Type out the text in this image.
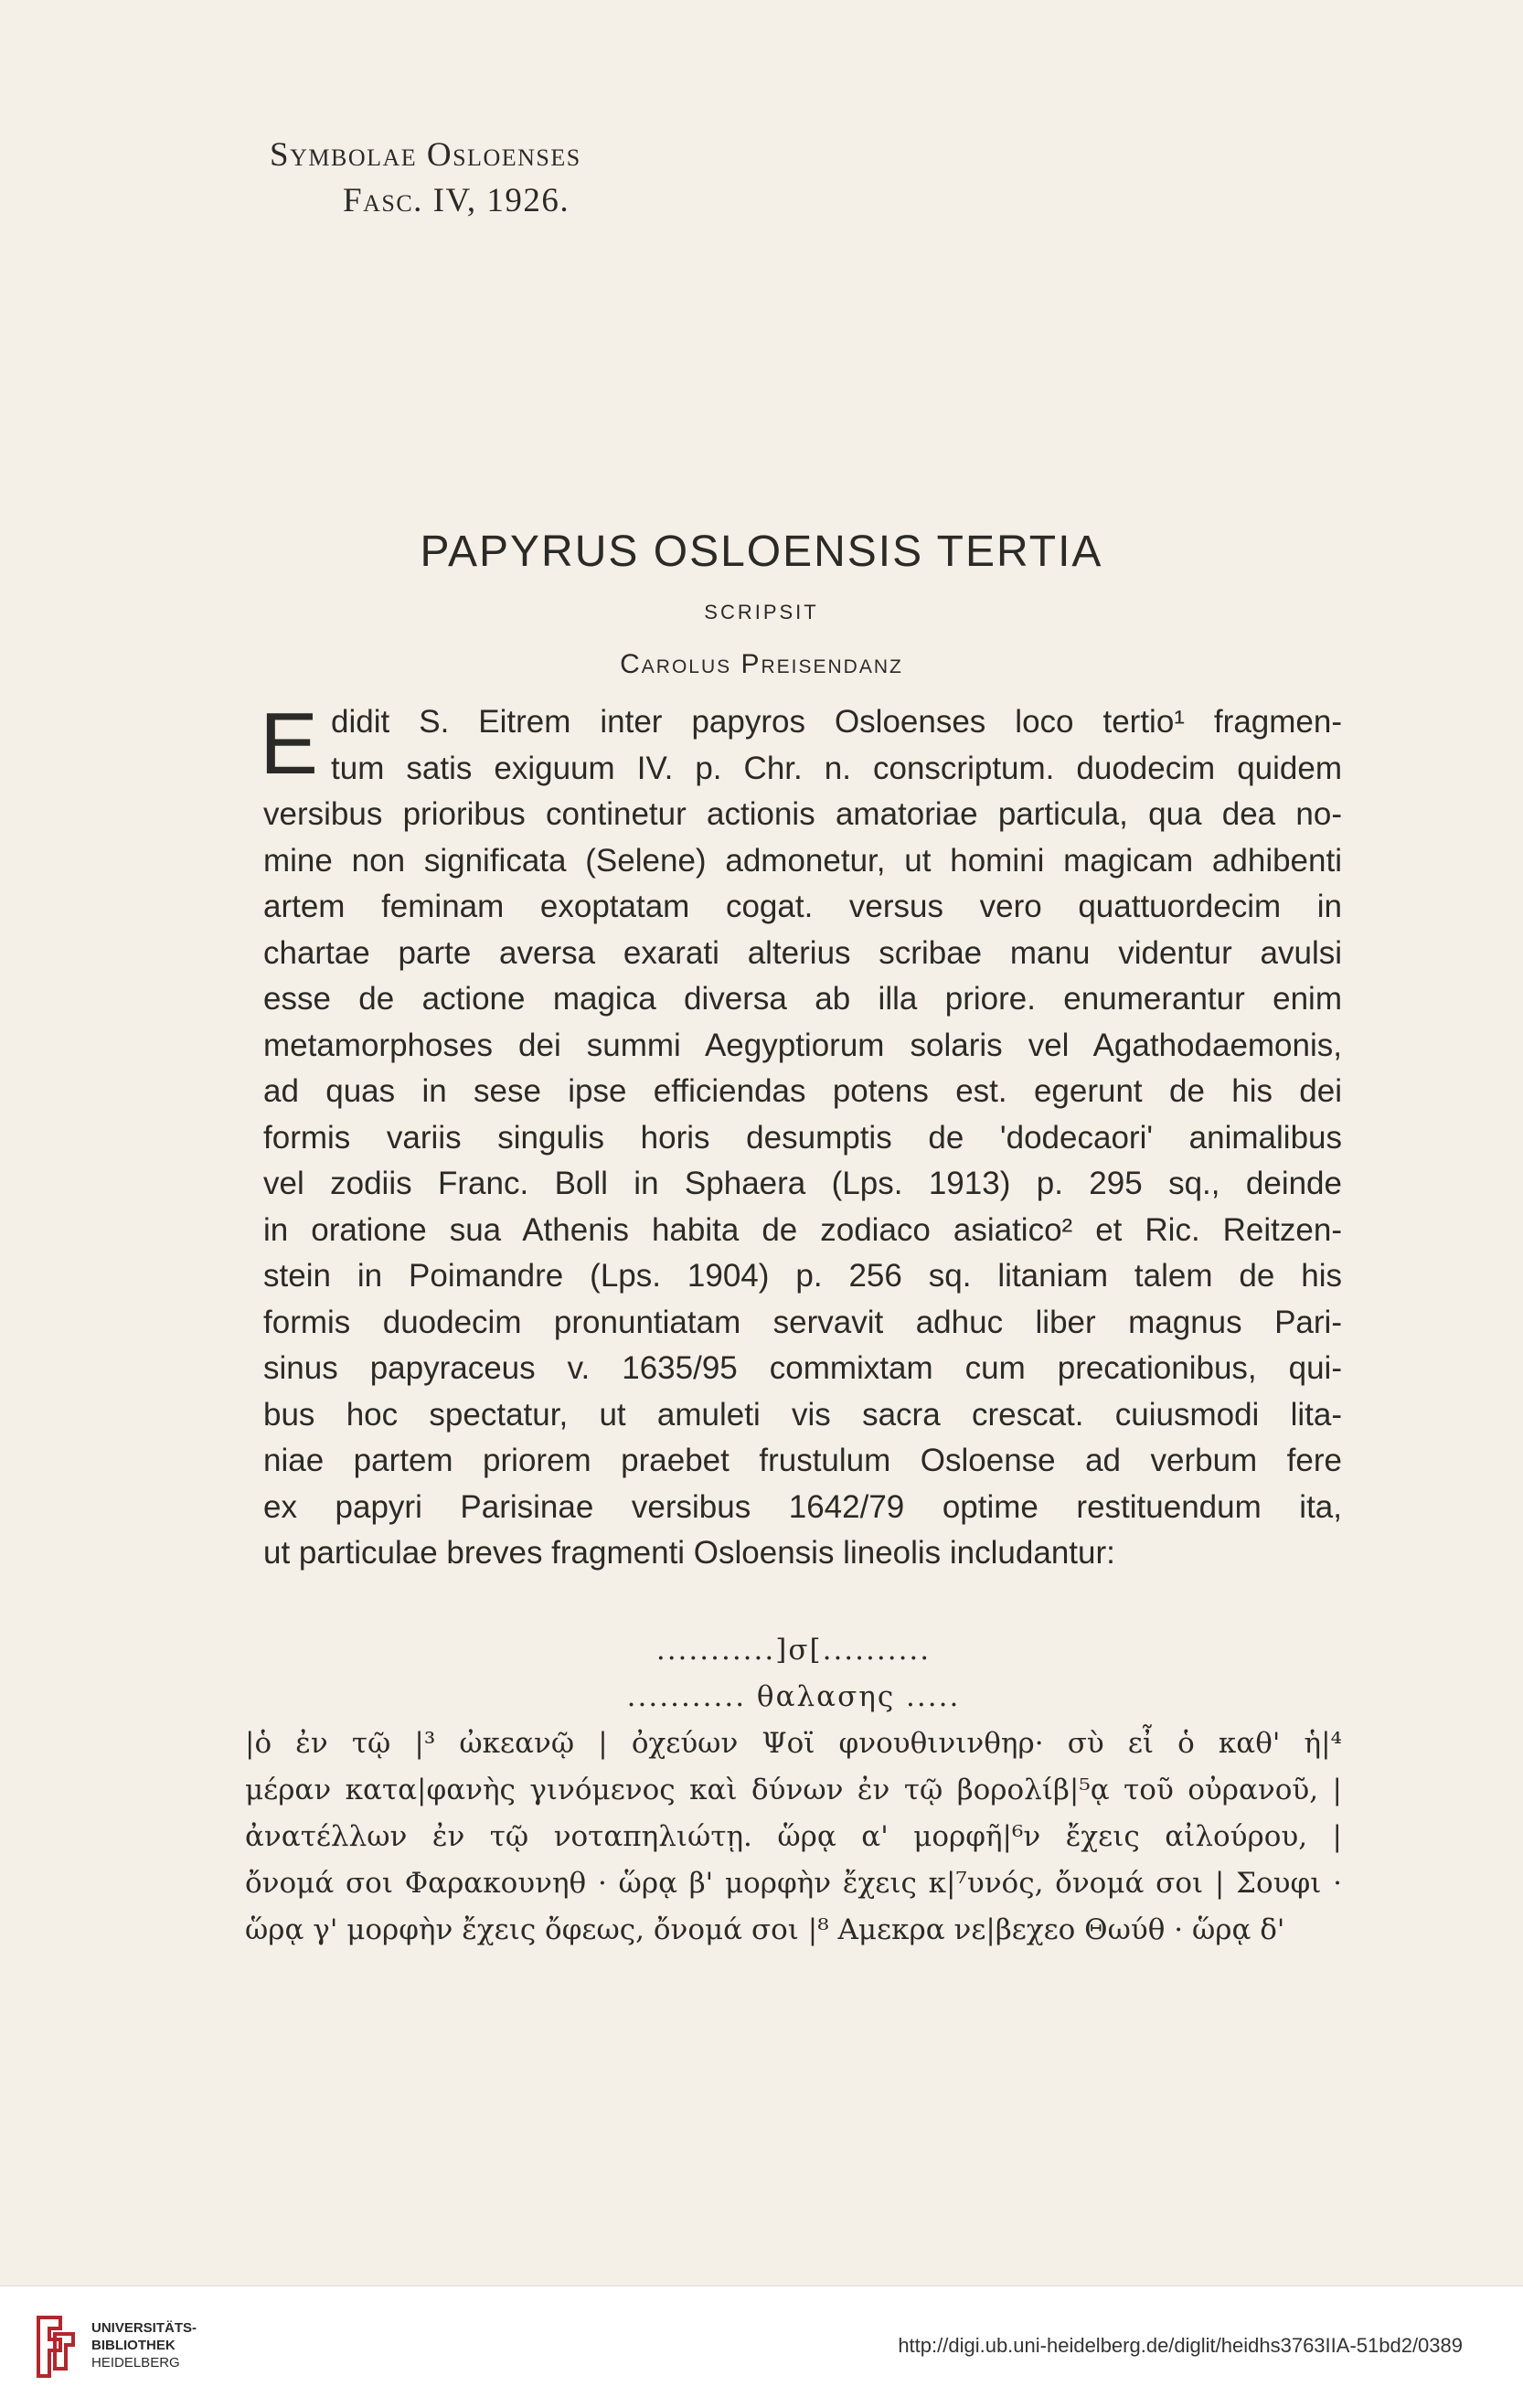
Symbolae Osloenses
Fasc. IV, 1926.
PAPYRUS OSLOENSIS TERTIA
SCRIPSIT
Carolus Preisendanz
E didit S. Eitrem inter papyros Osloenses loco tertio¹ fragmen-
tum satis exiguum IV. p. Chr. n. conscriptum. duodecim quidem
versibus prioribus continetur actionis amatoriae particula, qua dea no-
mine non significata (Selene) admonetur, ut homini magicam adhibenti
artem feminam exoptatam cogat. versus vero quattuordecim in
chartae parte aversa exarati alterius scribae manu videntur avulsi
esse de actione magica diversa ab illa priore. enumerantur enim
metamorphoses dei summi Aegyptiorum solaris vel Agathodaemonis,
ad quas in sese ipse efficiendas potens est. egerunt de his dei
formis variis singulis horis desumptis de 'dodecaori' animalibus
vel zodiis Franc. Boll in Sphaera (Lps. 1913) p. 295 sq., deinde
in oratione sua Athenis habita de zodiaco asiatico² et Ric. Reitzen-
stein in Poimandre (Lps. 1904) p. 256 sq. litaniam talem de his
formis duodecim pronuntiatam servavit adhuc liber magnus Pari-
sinus papyraceus v. 1635/95 commixtam cum precationibus, qui-
bus hoc spectatur, ut amuleti vis sacra crescat. cuiusmodi lita-
niae partem priorem praebet frustulum Osloense ad verbum fere
ex papyri Parisinae versibus 1642/79 optime restituendum ita,
ut particulae breves fragmenti Osloensis lineolis includantur:
...........]σ[..........
........... θαλασης .....
|ὁ ἐν τῷ |³ ὠκεανῷ | ὀχεύων Ψοϊ φνουθινινθηρ· σὺ εἶ ὁ καθ' ἡ|⁴
μέραν κατα|φανὴς γινόμενος καὶ δύνων ἐν τῷ βορολίβ|⁵ᾳ τοῦ οὐρανοῦ, |
ἀνατέλλων ἐν τῷ νοταπηλιώτῃ. ὥρᾳ α' μορφῆ|⁶ν ἔχεις αἰλούρου, |
ὄνομά σοι Φαρακουνηθ · ὥρᾳ β' μορφὴν ἔχεις κ|⁷υνός, ὄνομά σοι | Σουφι ·
ὥρᾳ γ' μορφὴν ἔχεις ὄφεως, ὄνομά σοι |⁸ Αμεκρα νε|βεχεο Θωύθ · ὥρᾳ δ'
UNIVERSITÄTS-
BIBLIOTHEK
HEIDELBERG
http://digi.ub.uni-heidelberg.de/diglit/heidhs3763IIA-51bd2/0389
